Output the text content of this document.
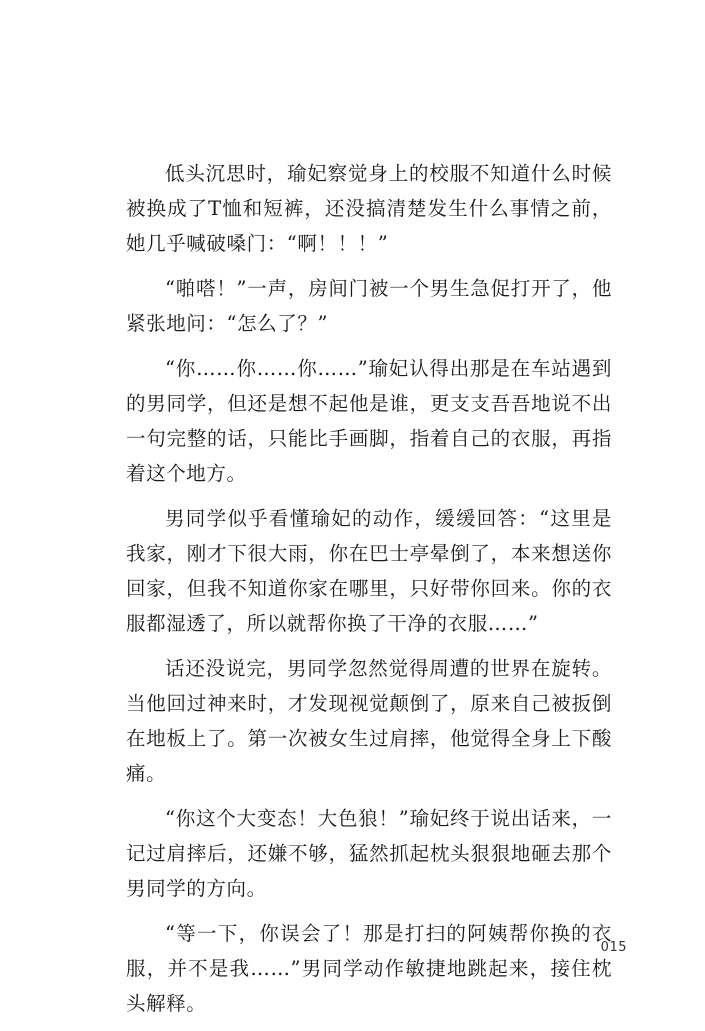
低头沉思时，瑜妃察觉身上的校服不知道什么时候被换成了T恤和短裤，还没搞清楚发生什么事情之前，她几乎喊破嗓门：“啊！！！”

“啪嗒！”一声，房间门被一个男生急促打开了，他紧张地问：“怎么了？”

“你……你……你……”瑜妃认得出那是在车站遇到的男同学，但还是想不起他是谁，更支支吾吾地说不出一句完整的话，只能比手画脚，指着自己的衣服，再指着这个地方。

男同学似乎看懂瑜妃的动作，缓缓回答：“这里是我家，刚才下很大雨，你在巴士亭晕倒了，本来想送你回家，但我不知道你家在哪里，只好带你回来。你的衣服都湿透了，所以就帮你换了干净的衣服……”

话还没说完，男同学忽然觉得周遭的世界在旋转。当他回过神来时，才发现视觉颠倒了，原来自己被扳倒在地板上了。第一次被女生过肩摔，他觉得全身上下酸痛。

“你这个大变态！大色狼！”瑜妃终于说出话来，一记过肩摔后，还嫌不够，猛然抓起枕头狠狠地砸去那个男同学的方向。

“等一下，你误会了！那是打扫的阿姨帮你换的衣服，并不是我……”男同学动作敏捷地跳起来，接住枕头解释。

015
